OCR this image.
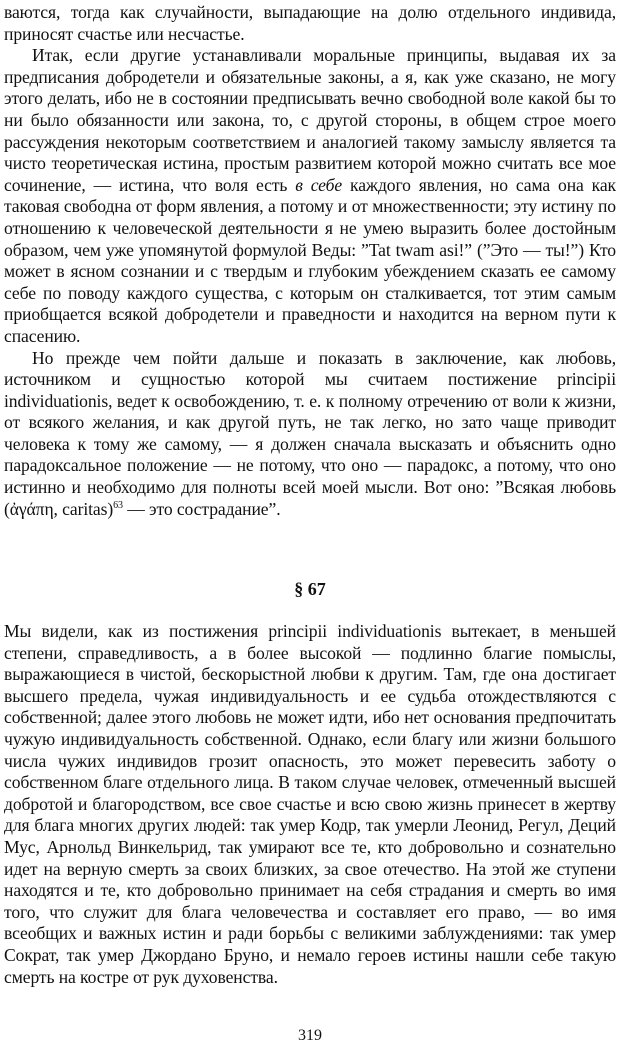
ваются, тогда как случайности, выпадающие на долю отдельного индивида, приносят счастье или несчастье.

Итак, если другие устанавливали моральные принципы, выдавая их за предписания добродетели и обязательные законы, а я, как уже сказано, не могу этого делать, ибо не в состоянии предписывать вечно свободной воле какой бы то ни было обязанности или закона, то, с другой стороны, в общем строе моего рассуждения некоторым соответствием и аналогией такому замыслу является та чисто теоретическая истина, простым развитием которой можно считать все мое сочинение, — истина, что воля есть в себе каждого явления, но сама она как таковая свободна от форм явления, а потому и от множественности; эту истину по отношению к человеческой деятельности я не умею выразить более достойным образом, чем уже упомянутой формулой Веды: ”Tat twam asi!” (”Это — ты!”) Кто может в ясном сознании и с твердым и глубоким убеждением сказать ее самому себе по поводу каждого существа, с которым он сталкивается, тот этим самым приобщается всякой добродетели и праведности и находится на верном пути к спасению.

Но прежде чем пойти дальше и показать в заключение, как любовь, источником и сущностью которой мы считаем постижение principii individuationis, ведет к освобождению, т. е. к полному отречению от воли к жизни, от всякого желания, и как другой путь, не так легко, но зато чаще приводит человека к тому же самому, — я должен сначала высказать и объяснить одно парадоксальное положение — не потому, что оно — парадокс, а потому, что оно истинно и необходимо для полноты всей моей мысли. Вот оно: ”Всякая любовь (ἀγάπη, caritas)$^{63}$ — это сострадание”.

§ 67

Мы видели, как из постижения principii individuationis вытекает, в меньшей степени, справедливость, а в более высокой — подлинно благие помыслы, выражающиеся в чистой, бескорыстной любви к другим. Там, где она достигает высшего предела, чужая индивидуальность и ее судьба отождествляются с собственной; далее этого любовь не может идти, ибо нет основания предпочитать чужую индивидуальность собственной. Однако, если благу или жизни большого числа чужих индивидов грозит опасность, это может перевесить заботу о собственном благе отдельного лица. В таком случае человек, отмеченный высшей добротой и благородством, все свое счастье и всю свою жизнь принесет в жертву для блага многих других людей: так умер Кодр, так умерли Леонид, Регул, Деций Мус, Арнольд Винкельрид, так умирают все те, кто добровольно и сознательно идет на верную смерть за своих близких, за свое отечество. На этой же ступени находятся и те, кто добровольно принимает на себя страдания и смерть во имя того, что служит для блага человечества и составляет его право, — во имя всеобщих и важных истин и ради борьбы с великими заблуждениями: так умер Сократ, так умер Джордано Бруно, и немало героев истины нашли себе такую смерть на костре от рук духовенства.

319
